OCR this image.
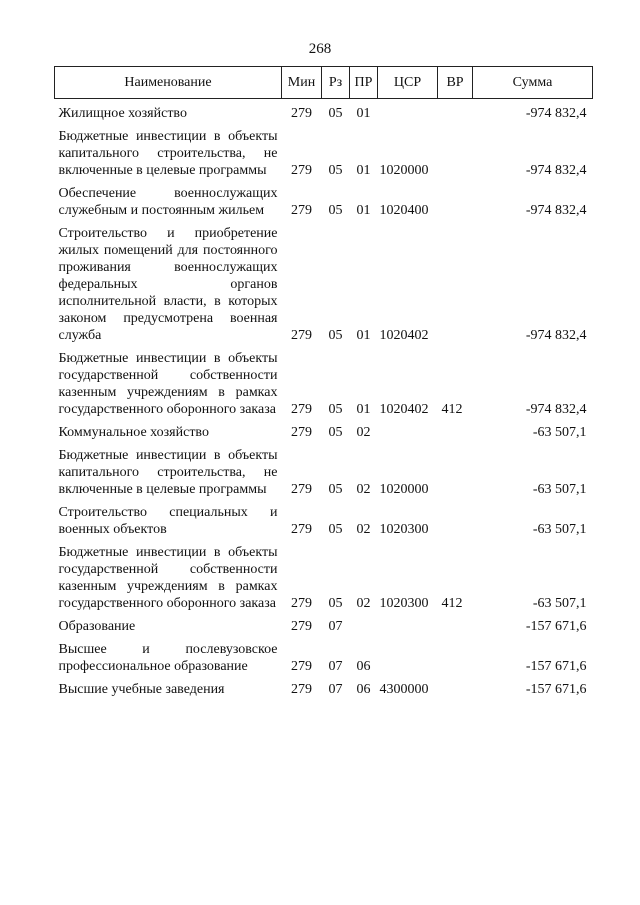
268
Наименование	Мин	Рз	ПР	ЦСР	ВР	Сумма

Жилищное хозяйство	279	05	01			-974 832,4

Бюджетные инвестиции в объекты капитального строительства, не включенные в целевые программы	279	05	01	1020000		-974 832,4

Обеспечение военнослужащих служебным и постоянным жильем	279	05	01	1020400		-974 832,4

Строительство и приобретение жилых помещений для постоянного проживания военнослужащих федеральных органов исполнительной власти, в которых законом предусмотрена военная служба	279	05	01	1020402		-974 832,4

Бюджетные инвестиции в объекты государственной собственности казенным учреждениям в рамках государственного оборонного заказа	279	05	01	1020402	412	-974 832,4

Коммунальное хозяйство	279	05	02			-63 507,1

Бюджетные инвестиции в объекты капитального строительства, не включенные в целевые программы	279	05	02	1020000		-63 507,1

Строительство специальных и военных объектов	279	05	02	1020300		-63 507,1

Бюджетные инвестиции в объекты государственной собственности казенным учреждениям в рамках государственного оборонного заказа	279	05	02	1020300	412	-63 507,1

Образование	279	07				-157 671,6

Высшее и послевузовское профессиональное образование	279	07	06			-157 671,6

Высшие учебные заведения	279	07	06	4300000		-157 671,6
